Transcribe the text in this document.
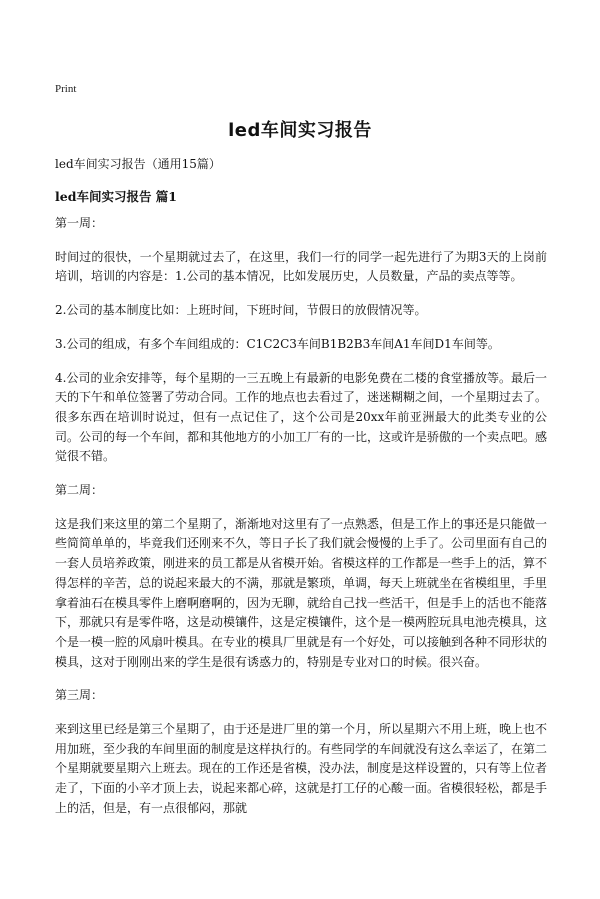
Print
led车间实习报告
led车间实习报告（通用15篇）
led车间实习报告 篇1

第一周：

时间过的很快，一个星期就过去了，在这里，我们一行的同学一起先进行了为期3天的上岗前培训，培训的内容是：1.公司的基本情况，比如发展历史，人员数量，产品的卖点等等。

2.公司的基本制度比如：上班时间，下班时间，节假日的放假情况等。

3.公司的组成，有多个车间组成的：C1C2C3车间B1B2B3车间A1车间D1车间等。

4.公司的业余安排等，每个星期的一三五晚上有最新的电影免费在二楼的食堂播放等。最后一天的下午和单位签署了劳动合同。工作的地点也去看过了，迷迷糊糊之间，一个星期过去了。很多东西在培训时说过，但有一点记住了，这个公司是20xx年前亚洲最大的此类专业的公司。公司的每一个车间，都和其他地方的小加工厂有的一比，这或许是骄傲的一个卖点吧。感觉很不错。

第二周：

这是我们来这里的第二个星期了，渐渐地对这里有了一点熟悉，但是工作上的事还是只能做一些简简单单的，毕竟我们还刚来不久，等日子长了我们就会慢慢的上手了。公司里面有自己的一套人员培养政策，刚进来的员工都是从省模开始。省模这样的工作都是一些手上的活，算不得怎样的辛苦，总的说起来最大的不满，那就是繁琐，单调，每天上班就坐在省模组里，手里拿着油石在模具零件上磨啊磨啊的，因为无聊，就给自己找一些活干，但是手上的活也不能落下，那就只有是零件咯，这是动模镶件，这是定模镶件，这个是一模两腔玩具电池壳模具，这个是一模一腔的风扇叶模具。在专业的模具厂里就是有一个好处，可以接触到各种不同形状的模具，这对于刚刚出来的学生是很有诱惑力的，特别是专业对口的时候。很兴奋。

第三周：

来到这里已经是第三个星期了，由于还是进厂里的第一个月，所以星期六不用上班，晚上也不用加班，至少我的车间里面的制度是这样执行的。有些同学的车间就没有这么幸运了，在第二个星期就要星期六上班去。现在的工作还是省模，没办法，制度是这样设置的，只有等上位者走了，下面的小辛才顶上去，说起来都心碎，这就是打工仔的心酸一面。省模很轻松，都是手上的活，但是，有一点很郁闷，那就
